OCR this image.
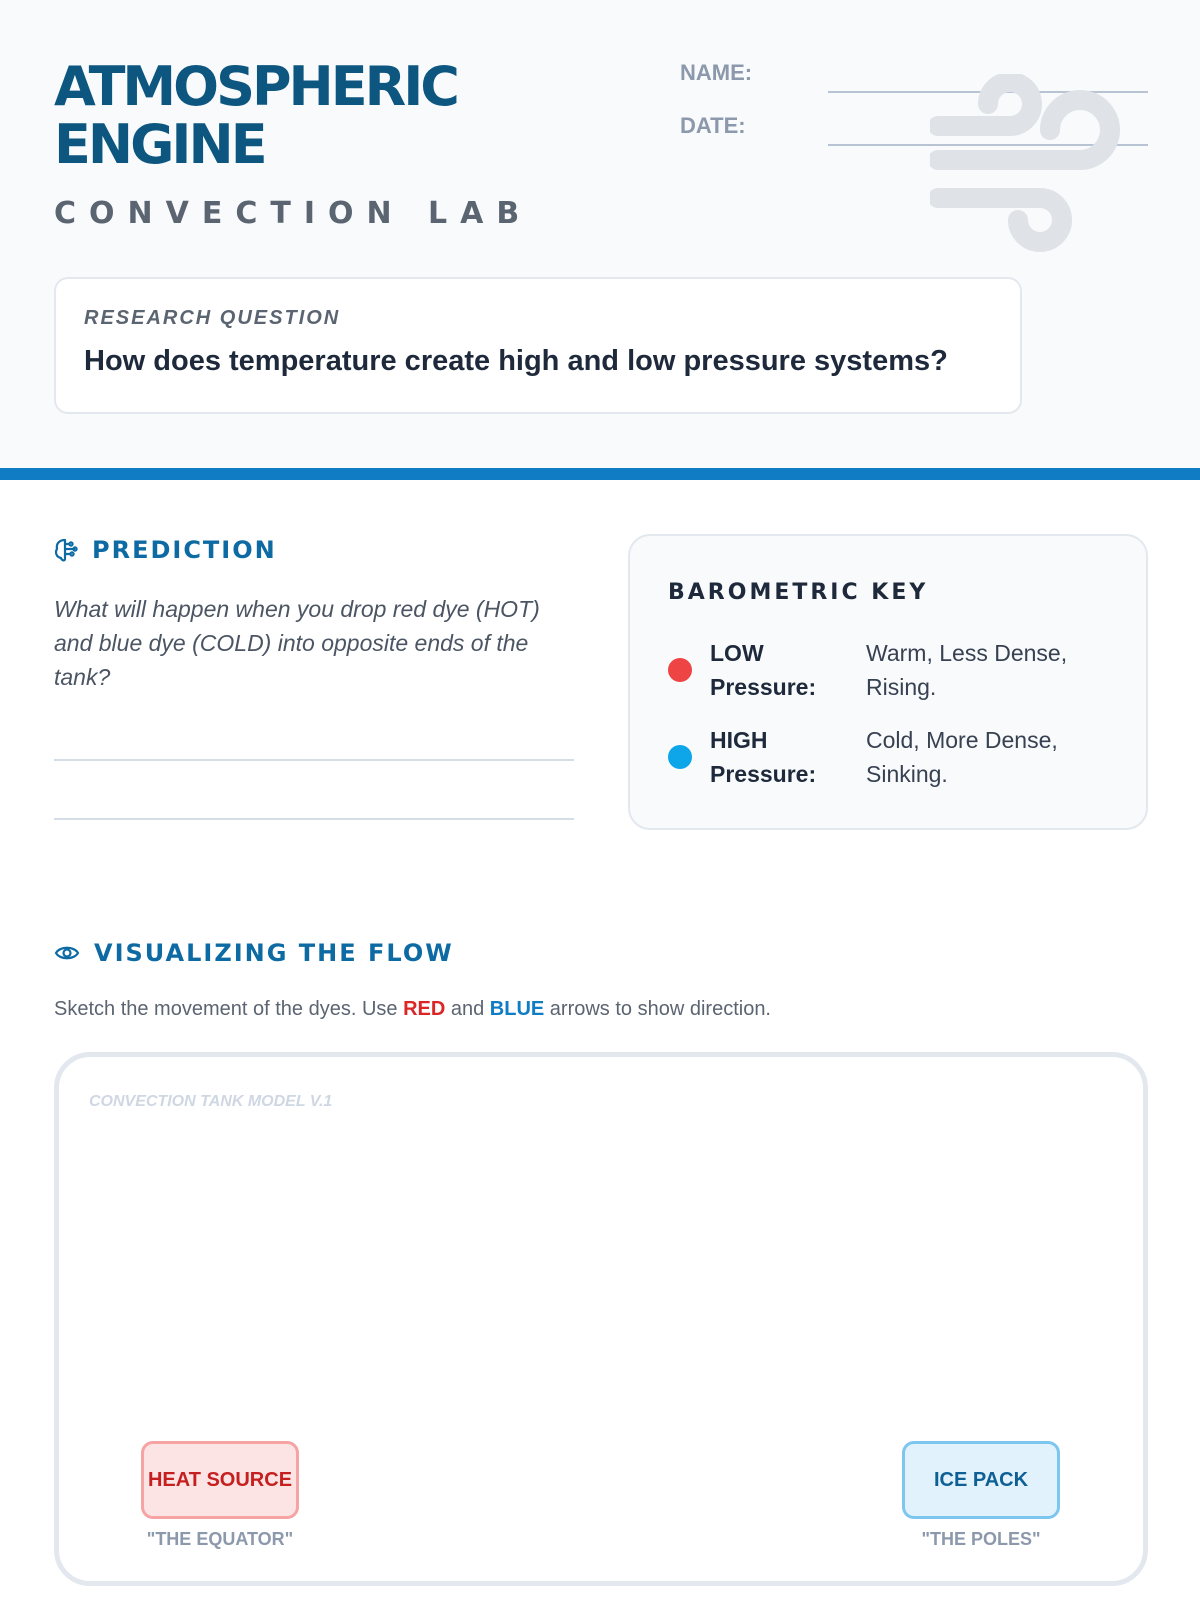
ATMOSPHERIC
ENGINE
CONVECTION LAB
NAME:
DATE:
RESEARCH QUESTION
How does temperature create high and low pressure systems?
PREDICTION
What will happen when you drop red dye (HOT) and blue dye (COLD) into opposite ends of the tank?
BAROMETRIC KEY
LOW Pressure:
Warm, Less Dense, Rising.
HIGH Pressure:
Cold, More Dense, Sinking.
VISUALIZING THE FLOW
Sketch the movement of the dyes. Use RED and BLUE arrows to show direction.
CONVECTION TANK MODEL V.1
HEAT SOURCE
"THE EQUATOR"
ICE PACK
"THE POLES"
